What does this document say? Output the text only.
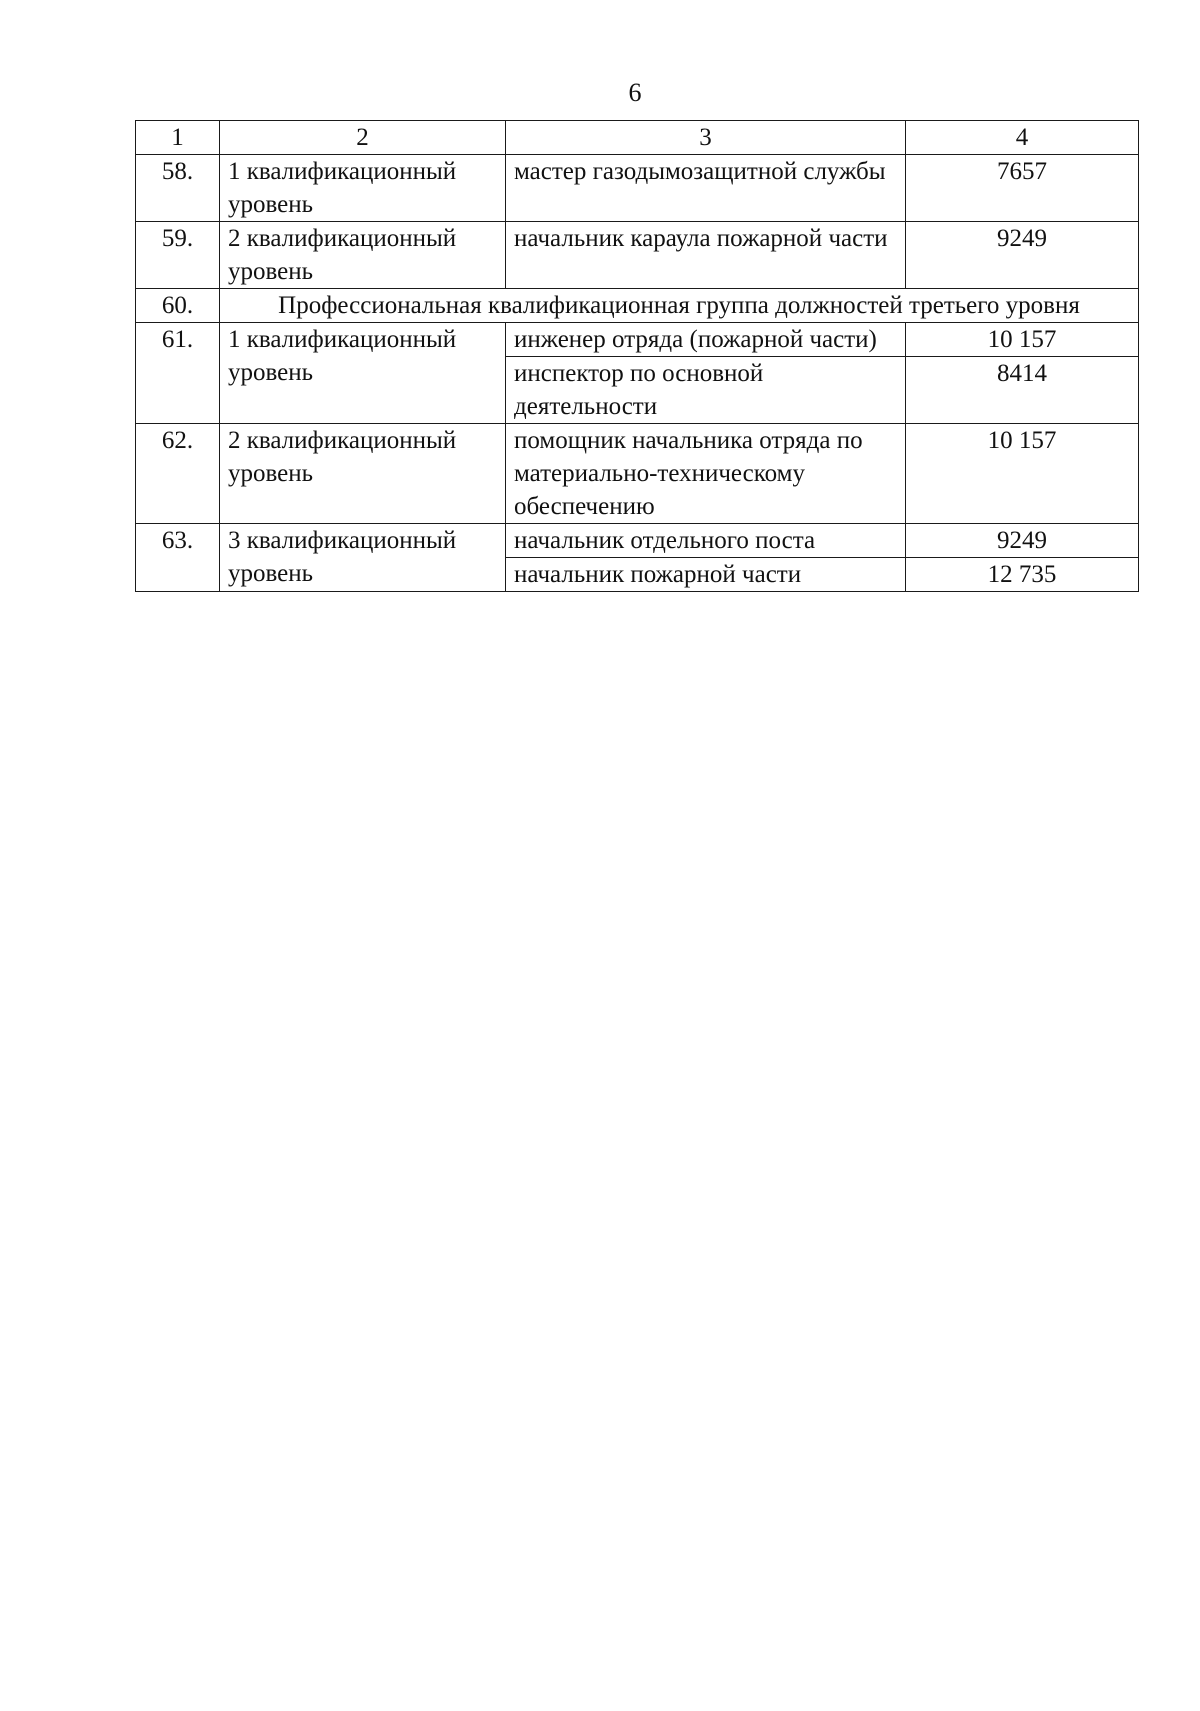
6
1	2	3	4
58.	1 квалификационный уровень	мастер газодымозащитной службы	7657
59.	2 квалификационный уровень	начальник караула пожарной части	9249
60.	Профессиональная квалификационная группа должностей третьего уровня		
61.	1 квалификационный уровень	инженер отряда (пожарной части)	10 157
		инспектор по основной деятельности	8414
62.	2 квалификационный уровень	помощник начальника отряда по материально-техническому обеспечению	10 157
63.	3 квалификационный уровень	начальник отдельного поста	9249
		начальник пожарной части	12 735
